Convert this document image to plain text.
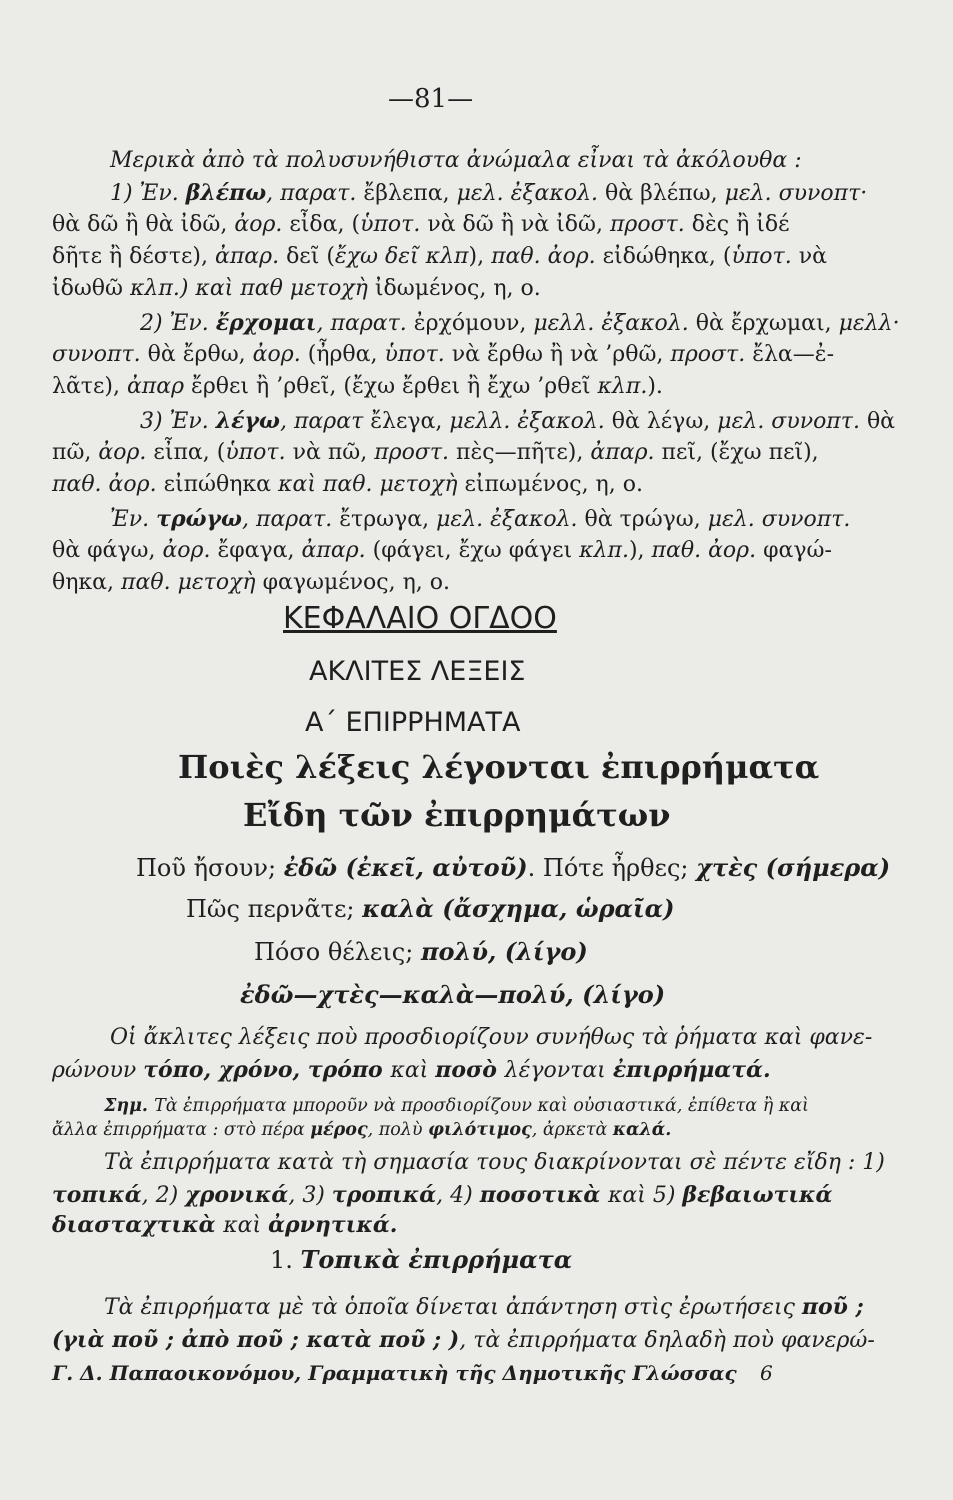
—81—
Μερικὰ ἀπὸ τὰ πολυσυνήθιστα ἀνώμαλα εἶναι τὰ ἀκόλουθα :
1) Ἐν. βλέπω, παρατ. ἔβλεπα, μελ. ἐξακολ. θὰ βλέπω, μελ. συνοπτ·
θὰ δῶ ἢ θὰ ἰδῶ, ἀορ. εἶδα, (ὑποτ. νὰ δῶ ἢ νὰ ἰδῶ, προστ. δὲς ἢ ἰδέ
δῆτε ἢ δέστε), ἀπαρ. δεῖ (ἔχω δεῖ κλπ), παθ. ἀορ. εἰδώθηκα, (ὑποτ. νὰ
ἰδωθῶ κλπ.) καὶ παθ μετοχὴ ἰδωμένος, η, ο.
2) Ἐν. ἔρχομαι, παρατ. ἐρχόμουν, μελλ. ἐξακολ. θὰ ἔρχωμαι, μελλ·
συνοπτ. θὰ ἔρθω, ἀορ. (ἦρθα, ὑποτ. νὰ ἔρθω ἢ νὰ ’ρθῶ, προστ. ἔλα—ἐ-
λᾶτε), ἀπαρ ἔρθει ἢ ’ρθεῖ, (ἔχω ἔρθει ἢ ἔχω ’ρθεῖ κλπ.).
3) Ἐν. λέγω, παρατ ἔλεγα, μελλ. ἐξακολ. θὰ λέγω, μελ. συνοπτ. θὰ
πῶ, ἀορ. εἶπα, (ὑποτ. νὰ πῶ, προστ. πὲς—πῆτε), ἀπαρ. πεῖ, (ἔχω πεῖ),
παθ. ἀορ. εἰπώθηκα καὶ παθ. μετοχὴ εἰπωμένος, η, ο.
Ἐν. τρώγω, παρατ. ἔτρωγα, μελ. ἐξακολ. θὰ τρώγω, μελ. συνοπτ.
θὰ φάγω, ἀορ. ἔφαγα, ἀπαρ. (φάγει, ἔχω φάγει κλπ.), παθ. ἀορ. φαγώ-
θηκα, παθ. μετοχὴ φαγωμένος, η, ο.
ΚΕΦΑΛΑΙΟ ΟΓΔΟΟ
ΑΚΛΙΤΕΣ ΛΕΞΕΙΣ
Α΄ ΕΠΙΡΡΗΜΑΤΑ
Ποιὲς λέξεις λέγονται ἐπιρρήματα
Εἴδη τῶν ἐπιρρημάτων
Ποῦ ἤσουν; ἐδῶ (ἐκεῖ, αὐτοῦ). Πότε ἦρθες; χτὲς (σήμερα)
Πῶς περνᾶτε; καλὰ (ἄσχημα, ὡραῖα)
Πόσο θέλεις; πολύ, (λίγο)
ἐδῶ—χτὲς—καλὰ—πολύ, (λίγο)
Οἱ ἄκλιτες λέξεις ποὺ προσδιορίζουν συνήθως τὰ ῥήματα καὶ φανε-
ρώνουν τόπο, χρόνο, τρόπο καὶ ποσὸ λέγονται ἐπιρρήματά.
Σημ. Τὰ ἐπιρρήματα μποροῦν νὰ προσδιορίζουν καὶ οὐσιαστικά, ἐπίθετα ἢ καὶ
ἄλλα ἐπιρρήματα : στὸ πέρα μέρος, πολὺ φιλότιμος, ἀρκετὰ καλά.
Τὰ ἐπιρρήματα κατὰ τὴ σημασία τους διακρίνονται σὲ πέντε εἴδη : 1)
τοπικά, 2) χρονικά, 3) τροπικά, 4) ποσοτικὰ καὶ 5) βεβαιωτικά
διασταχτικὰ καὶ ἀρνητικά.
1. Τοπικὰ ἐπιρρήματα
Τὰ ἐπιρρήματα μὲ τὰ ὁποῖα δίνεται ἀπάντηση στὶς ἐρωτήσεις ποῦ ;
(γιὰ ποῦ ; ἀπὸ ποῦ ; κατὰ ποῦ ; ), τὰ ἐπιρρήματα δηλαδὴ ποὺ φανερώ-
Γ. Δ. Παπαοικονόμου, Γραμματικὴ τῆς Δημοτικῆς Γλώσσας	6
